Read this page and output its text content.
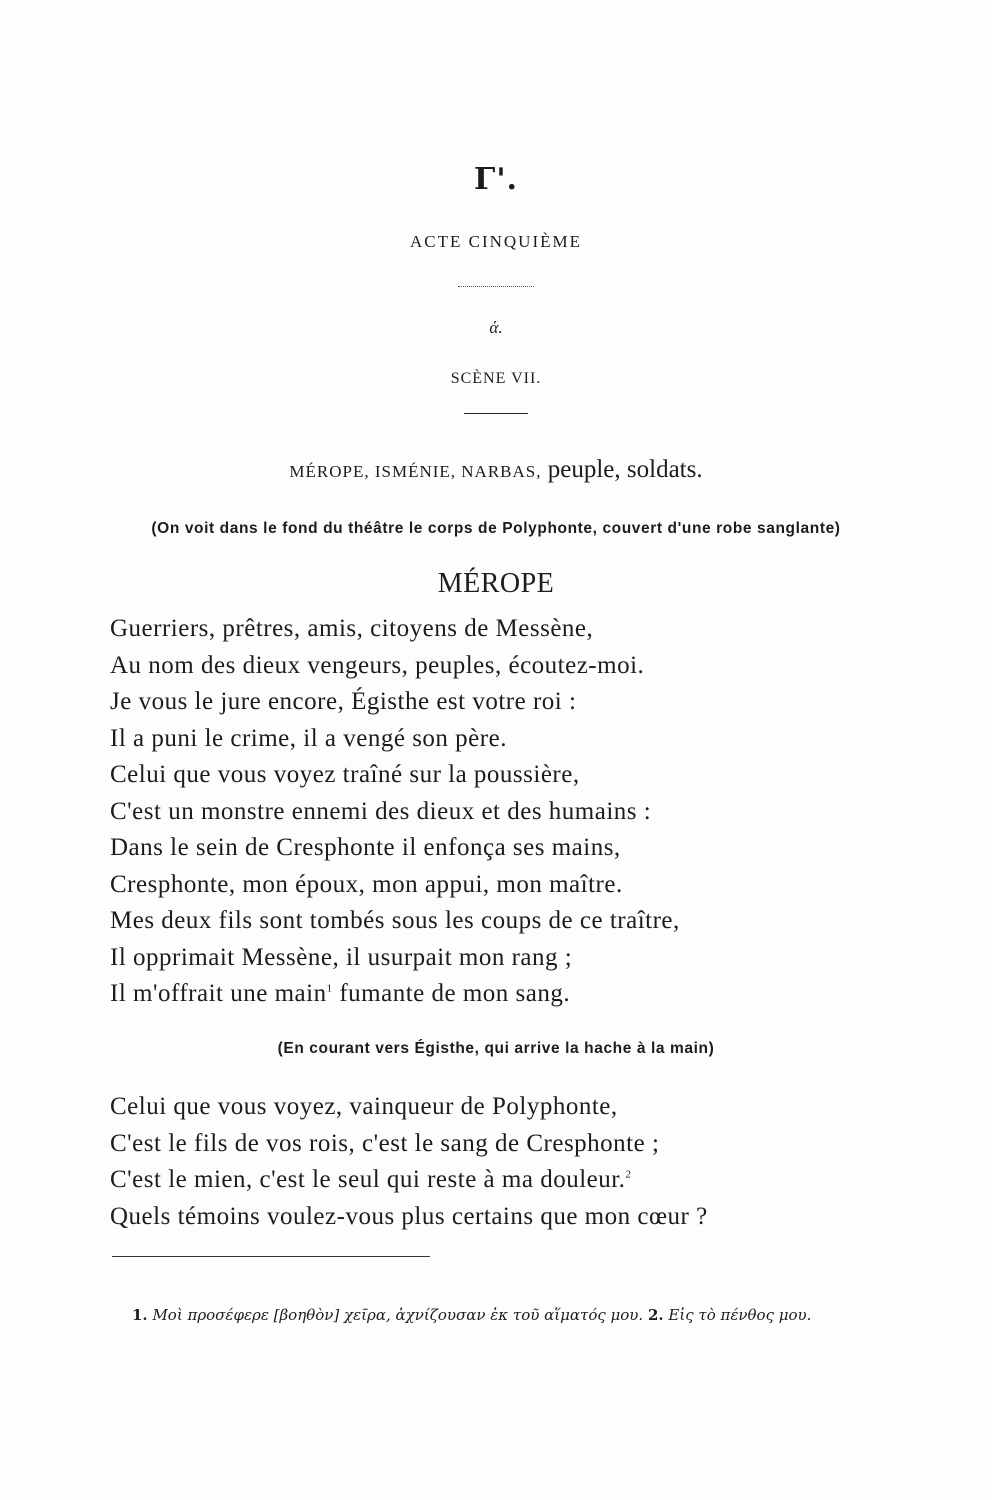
Γ'.
ACTE CINQUIÈME
ά.
SCÈNE VII.
MÉROPE, ISMÉNIE, NARBAS, peuple, soldats.
(On voit dans le fond du théâtre le corps de Polyphonte, couvert d'une robe sanglante)
MÉROPE
Guerriers, prêtres, amis, citoyens de Messène,
Au nom des dieux vengeurs, peuples, écoutez-moi.
Je vous le jure encore, Égisthe est votre roi :
Il a puni le crime, il a vengé son père.
Celui que vous voyez traîné sur la poussière,
C'est un monstre ennemi des dieux et des humains :
Dans le sein de Cresphonte il enfonça ses mains,
Cresphonte, mon époux, mon appui, mon maître.
Mes deux fils sont tombés sous les coups de ce traître,
Il opprimait Messène, il usurpait mon rang ;
Il m'offrait une main$^1$ fumante de mon sang.
(En courant vers Égisthe, qui arrive la hache à la main)
Celui que vous voyez, vainqueur de Polyphonte,
C'est le fils de vos rois, c'est le sang de Cresphonte ;
C'est le mien, c'est le seul qui reste à ma douleur.$^2$
Quels témoins voulez-vous plus certains que mon cœur ?
1. Μοὶ προσέφερε [βοηθὸν] χεῖρα, ἀχνίζουσαν ἐκ τοῦ αἵματός μου. 2. Εἰς τὸ πένθος μου.
